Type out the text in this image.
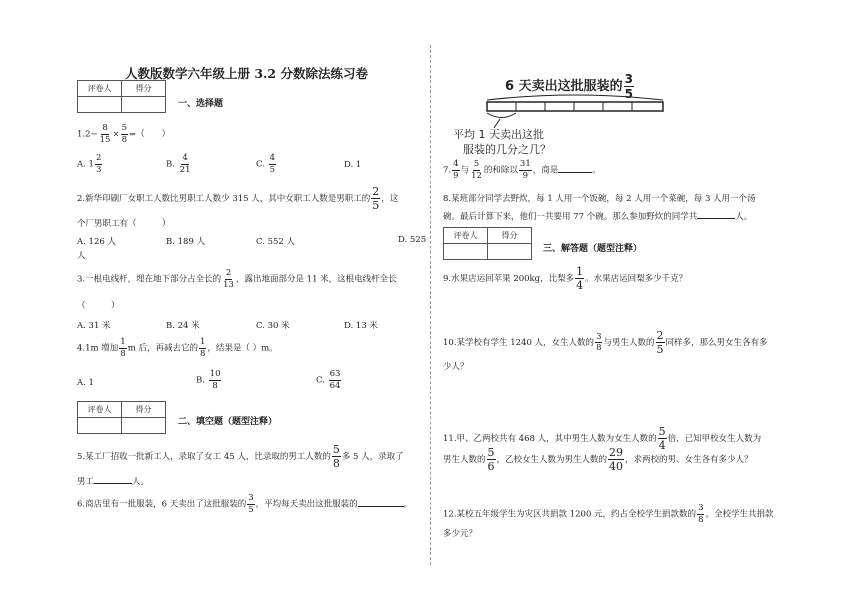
人教版数学六年级上册 3.2 分数除法练习卷
评卷人	得分

一、选择题
$1.2- \frac{8}{15} \times \frac{5}{8}$ =（　　）
A. $1 \frac{2}{3}$	B. $\frac{4}{21}$	C. $\frac{4}{5}$	D. 1
2.新华印刷厂女职工人数比男职工人数少 315 人，其中女职工人数是男职工的 $\frac{2}{5}$ ，这
个厂男职工有（　　　）
A. 126 人	B. 189 人	C. 552 人	D. 525
人
3.一根电线杆，埋在地下部分占全长的 $\frac{2}{13}$ ，露出地面部分是 11 米，这根电线杆全长
（　　　）
A. 31 米	B. 24 米	C. 30 米	D. 13 米
4.1m 增加 $\frac{1}{8}$ m 后，再减去它的 $\frac{1}{8}$ ，结果是（ ）m。
A. 1	B. $\frac{10}{8}$	C. $\frac{63}{64}$
评卷人	得分

二、填空题（题型注释）
5.某工厂招收一批新工人，录取了女工 45 人，比录取的男工人数的 $\frac{5}{8}$ 多 5 人，录取了
男工	人。
6.商店里有一批服装，6 天卖出了这批服装的 $\frac{3}{5}$ ，平均每天卖出这批服装的	。
6 天卖出这批服装的 $\frac{3}{5}$
平均 1 天卖出这批
服装的几分之几？
7. $\frac{4}{9}$ 与 $\frac{5}{12}$ 的和除以 $\frac{31}{9}$ ，商是	。
8.某班部分同学去野炊，每 1 人用一个饭碗，每 2 人用一个菜碗，每 3 人用一个汤
碗。最后计算下来，他们一共要用 77 个碗。那么参加野炊的同学共	人。
评卷人	得分

三、解答题（题型注释）
9.水果店运回苹果 200kg，比梨多 $\frac{1}{4}$ 。水果店运回梨多少千克？
10.某学校有学生 1240 人，女生人数的 $\frac{3}{8}$ 与男生人数的 $\frac{2}{5}$ 同样多，那么男女生各有多
少人？
11.甲、乙两校共有 468 人，其中男生人数为女生人数的 $\frac{5}{4}$ 倍，已知甲校女生人数为
男生人数的 $\frac{5}{6}$ ，乙校女生人数为男生人数的 $\frac{29}{40}$ ，求两校的男、女生各有多少人？
12.某校五年级学生为灾区共捐款 1200 元，约占全校学生捐款数的 $\frac{3}{8}$ 。全校学生共捐款
多少元？
